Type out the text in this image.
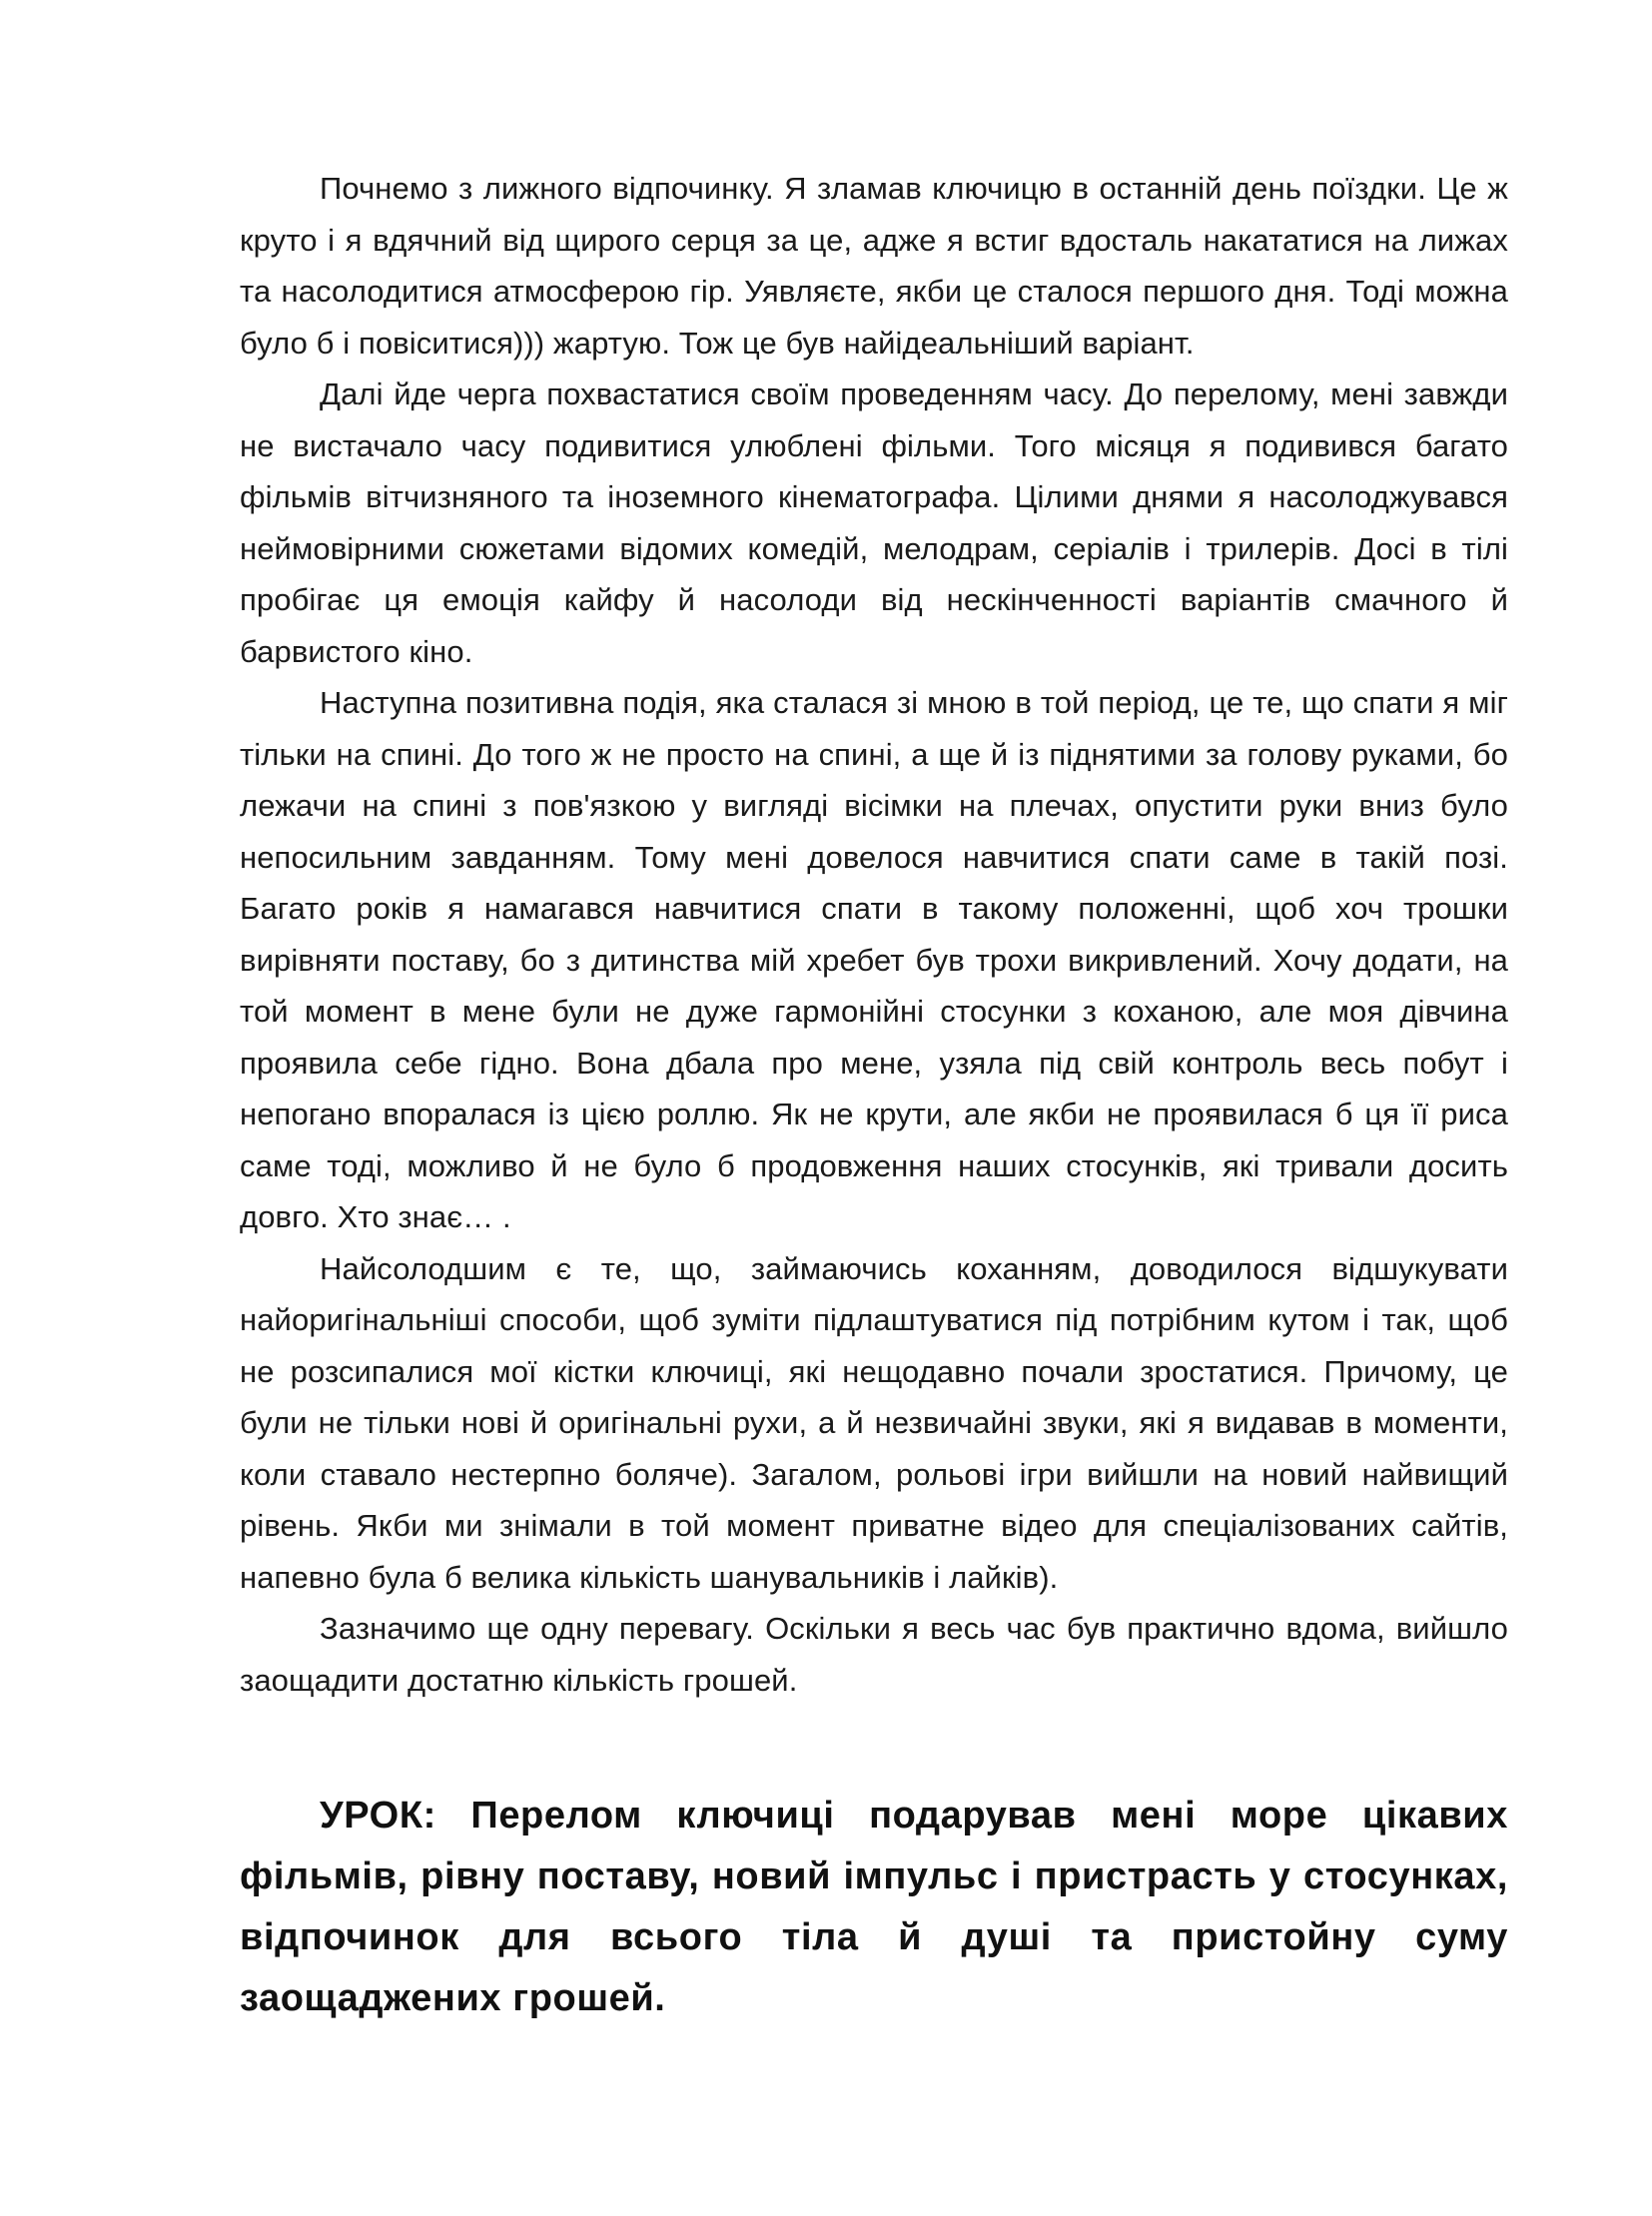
Почнемо з лижного відпочинку. Я зламав ключицю в останній день поїздки. Це ж круто і я вдячний від щирого серця за це, адже я встиг вдосталь накататися на лижах та насолодитися атмосферою гір. Уявляєте, якби це сталося першого дня. Тоді можна було б і повіситися))) жартую. Тож це був найідеальніший варіант.

Далі йде черга похвастатися своїм проведенням часу. До перелому, мені завжди не вистачало часу подивитися улюблені фільми. Того місяця я подивився багато фільмів вітчизняного та іноземного кінематографа. Цілими днями я насолоджувався неймовірними сюжетами відомих комедій, мелодрам, серіалів і трилерів. Досі в тілі пробігає ця емоція кайфу й насолоди від нескінченності варіантів смачного й барвистого кіно.

Наступна позитивна подія, яка сталася зі мною в той період, це те, що спати я міг тільки на спині. До того ж не просто на спині, а ще й із піднятими за голову руками, бо лежачи на спині з пов'язкою у вигляді вісімки на плечах, опустити руки вниз було непосильним завданням. Тому мені довелося навчитися спати саме в такій позі. Багато років я намагався навчитися спати в такому положенні, щоб хоч трошки вирівняти поставу, бо з дитинства мій хребет був трохи викривлений. Хочу додати, на той момент в мене були не дуже гармонійні стосунки з коханою, але моя дівчина проявила себе гідно. Вона дбала про мене, узяла під свій контроль весь побут і непогано впоралася із цією роллю. Як не крути, але якби не проявилася б ця її риса саме тоді, можливо й не було б продовження наших стосунків, які тривали досить довго. Хто знає… .

Найсолодшим є те, що, займаючись коханням, доводилося відшукувати найоригінальніші способи, щоб зуміти підлаштуватися під потрібним кутом і так, щоб не розсипалися мої кістки ключиці, які нещодавно почали зростатися. Причому, це були не тільки нові й оригінальні рухи, а й незвичайні звуки, які я видавав в моменти, коли ставало нестерпно боляче). Загалом, рольові ігри вийшли на новий найвищий рівень. Якби ми знімали в той момент приватне відео для спеціалізованих сайтів, напевно була б велика кількість шанувальників і лайків).

Зазначимо ще одну перевагу. Оскільки я весь час був практично вдома, вийшло заощадити достатню кількість грошей.

УРОК: Перелом ключиці подарував мені море цікавих фільмів, рівну поставу, новий імпульс і пристрасть у стосунках, відпочинок для всього тіла й душі та пристойну суму заощаджених грошей.
